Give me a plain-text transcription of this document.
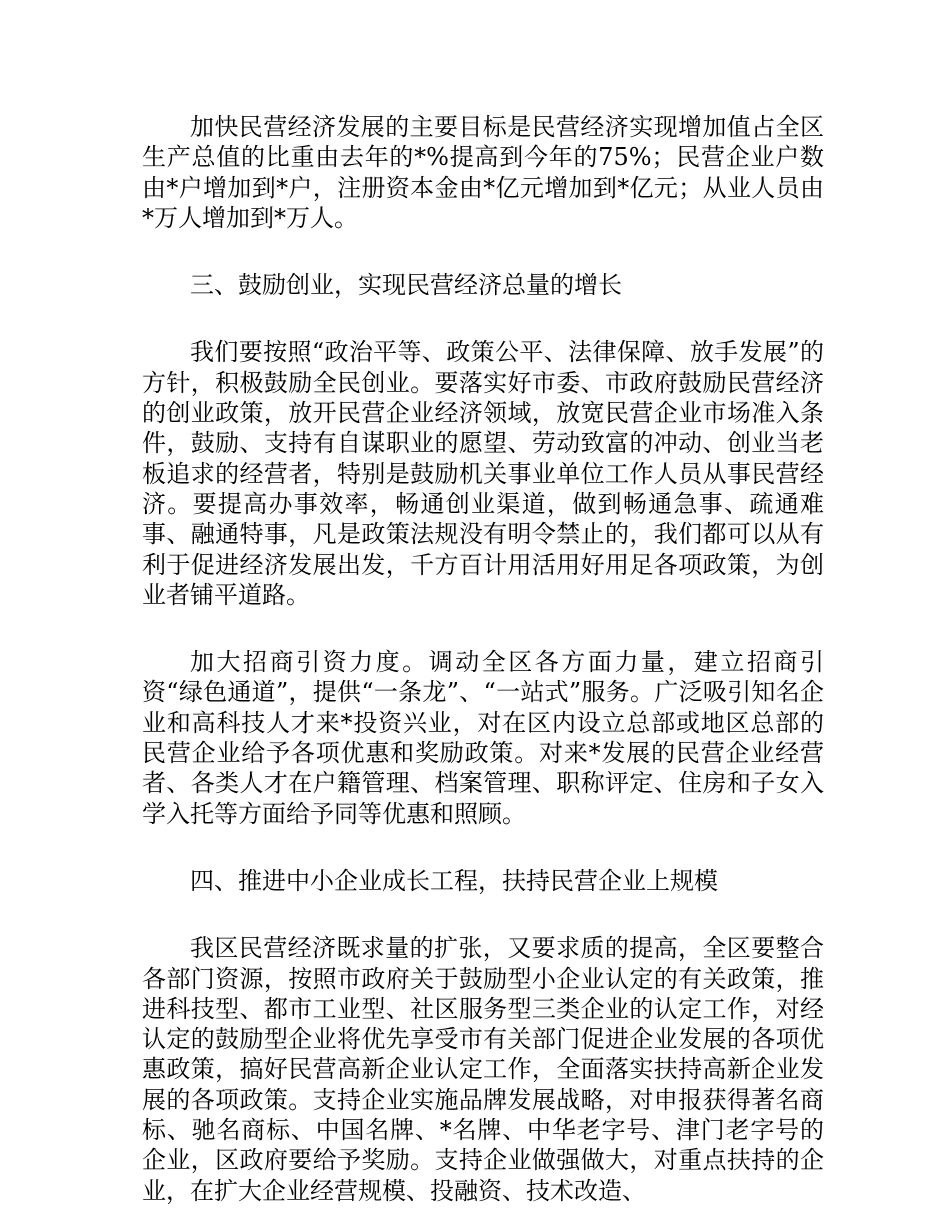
加快民营经济发展的主要目标是民营经济实现增加值占全区生产总值的比重由去年的*%提高到今年的75%；民营企业户数由*户增加到*户，注册资本金由*亿元增加到*亿元；从业人员由*万人增加到*万人。

三、鼓励创业，实现民营经济总量的增长

我们要按照“政治平等、政策公平、法律保障、放手发展”的方针，积极鼓励全民创业。要落实好市委、市政府鼓励民营经济的创业政策，放开民营企业经济领域，放宽民营企业市场准入条件，鼓励、支持有自谋职业的愿望、劳动致富的冲动、创业当老板追求的经营者，特别是鼓励机关事业单位工作人员从事民营经济。要提高办事效率，畅通创业渠道，做到畅通急事、疏通难事、融通特事，凡是政策法规没有明令禁止的，我们都可以从有利于促进经济发展出发，千方百计用活用好用足各项政策，为创业者铺平道路。

加大招商引资力度。调动全区各方面力量，建立招商引资“绿色通道”，提供“一条龙”、“一站式”服务。广泛吸引知名企业和高科技人才来*投资兴业，对在区内设立总部或地区总部的民营企业给予各项优惠和奖励政策。对来*发展的民营企业经营者、各类人才在户籍管理、档案管理、职称评定、住房和子女入学入托等方面给予同等优惠和照顾。

四、推进中小企业成长工程，扶持民营企业上规模

我区民营经济既求量的扩张，又要求质的提高，全区要整合各部门资源，按照市政府关于鼓励型小企业认定的有关政策，推进科技型、都市工业型、社区服务型三类企业的认定工作，对经认定的鼓励型企业将优先享受市有关部门促进企业发展的各项优惠政策，搞好民营高新企业认定工作，全面落实扶持高新企业发展的各项政策。支持企业实施品牌发展战略，对申报获得著名商标、驰名商标、中国名牌、*名牌、中华老字号、津门老字号的企业，区政府要给予奖励。支持企业做强做大，对重点扶持的企业，在扩大企业经营规模、投融资、技术改造、
